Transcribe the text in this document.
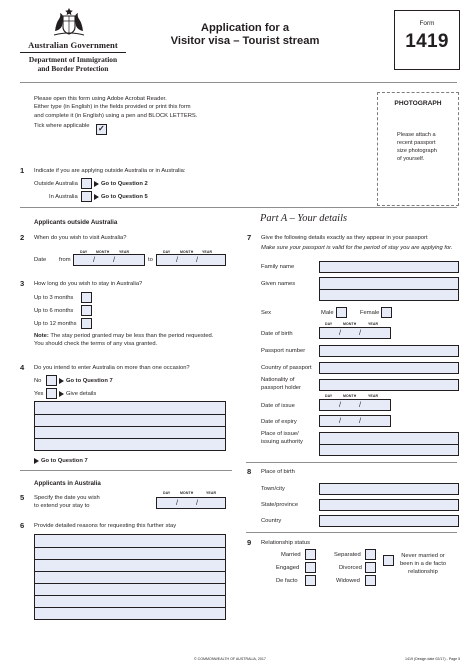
Australian Government
Department of Immigration
and Border Protection
Application for a
Visitor visa – Tourist stream
Form
1419
Please open this form using Adobe Acrobat Reader.
Either type (in English) in the fields provided or print this form
and complete it (in English) using a pen and BLOCK LETTERS.
Tick where applicable	✓
PHOTOGRAPH
Please attach a
recent passport
size photograph
of yourself.
1 Indicate if you are applying outside Australia or in Australia:
Outside Australia	Go to Question 2
In Australia	Go to Question 5
Part A – Your details
Applicants outside Australia
2 When do you wish to visit Australia?
DAY MONTH	YEAR	DAY	MONTH YEAR
Date from	/ /	to	/ /
3 How long do you wish to stay in Australia?
Up to 3 months
Up to 6 months
Up to 12 months
Note: The stay period granted may be less than the period requested.
You should check the terms of any visa granted.
4 Do you intend to enter Australia on more than one occasion?
No	Go to Question 7
Yes	Give details
Go to Question 7
Applicants in Australia
5 Specify the date you wish
to extend your stay to
DAY	MONTH	YEAR
/ /
6 Provide detailed reasons for requesting this further stay
7 Give the following details exactly as they appear in your passport
Make sure your passport is valid for the period of stay you are applying for.
Family name
Given names
Sex	Male	Female
Date of birth
DAY	MONTH	YEAR
/ /
Passport number
Country of passport
Nationality of
passport holder
DAY	MONTH	YEAR
Date of issue	/ /
Date of expiry	/ /
Place of issue/
issuing authority
8 Place of birth
Town/city
State/province
Country
9 Relationship status
Married	Separated
Engaged	Divorced
De facto	Widowed
Never married or
been in a de facto
relationship
© COMMONWEALTH OF AUSTRALIA, 2017	1419 (Design date 02/17) - Page 5
